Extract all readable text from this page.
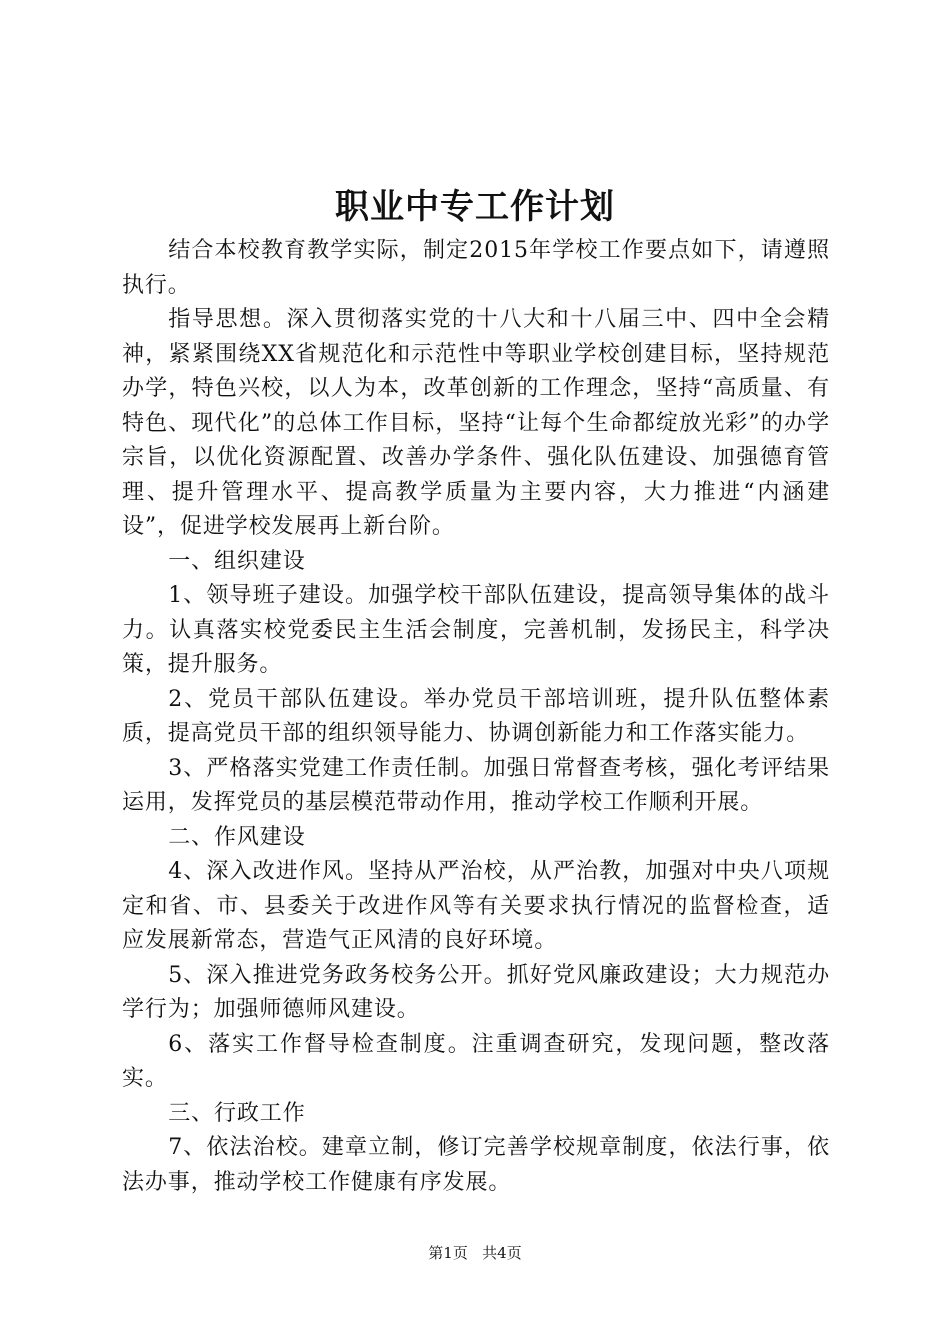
职业中专工作计划

结合本校教育教学实际，制定2015年学校工作要点如下，请遵照执行。

指导思想。深入贯彻落实党的十八大和十八届三中、四中全会精神，紧紧围绕XX省规范化和示范性中等职业学校创建目标，坚持规范办学，特色兴校，以人为本，改革创新的工作理念，坚持“高质量、有特色、现代化”的总体工作目标，坚持“让每个生命都绽放光彩”的办学宗旨，以优化资源配置、改善办学条件、强化队伍建设、加强德育管理、提升管理水平、提高教学质量为主要内容，大力推进“内涵建设”，促进学校发展再上新台阶。

一、组织建设

1、领导班子建设。加强学校干部队伍建设，提高领导集体的战斗力。认真落实校党委民主生活会制度，完善机制，发扬民主，科学决策，提升服务。

2、党员干部队伍建设。举办党员干部培训班，提升队伍整体素质，提高党员干部的组织领导能力、协调创新能力和工作落实能力。

3、严格落实党建工作责任制。加强日常督查考核，强化考评结果运用，发挥党员的基层模范带动作用，推动学校工作顺利开展。

二、作风建设

4、深入改进作风。坚持从严治校，从严治教，加强对中央八项规定和省、市、县委关于改进作风等有关要求执行情况的监督检查，适应发展新常态，营造气正风清的良好环境。

5、深入推进党务政务校务公开。抓好党风廉政建设；大力规范办学行为；加强师德师风建设。

6、落实工作督导检查制度。注重调查研究，发现问题，整改落实。

三、行政工作

7、依法治校。建章立制，修订完善学校规章制度，依法行事，依法办事，推动学校工作健康有序发展。

第1页 共4页
